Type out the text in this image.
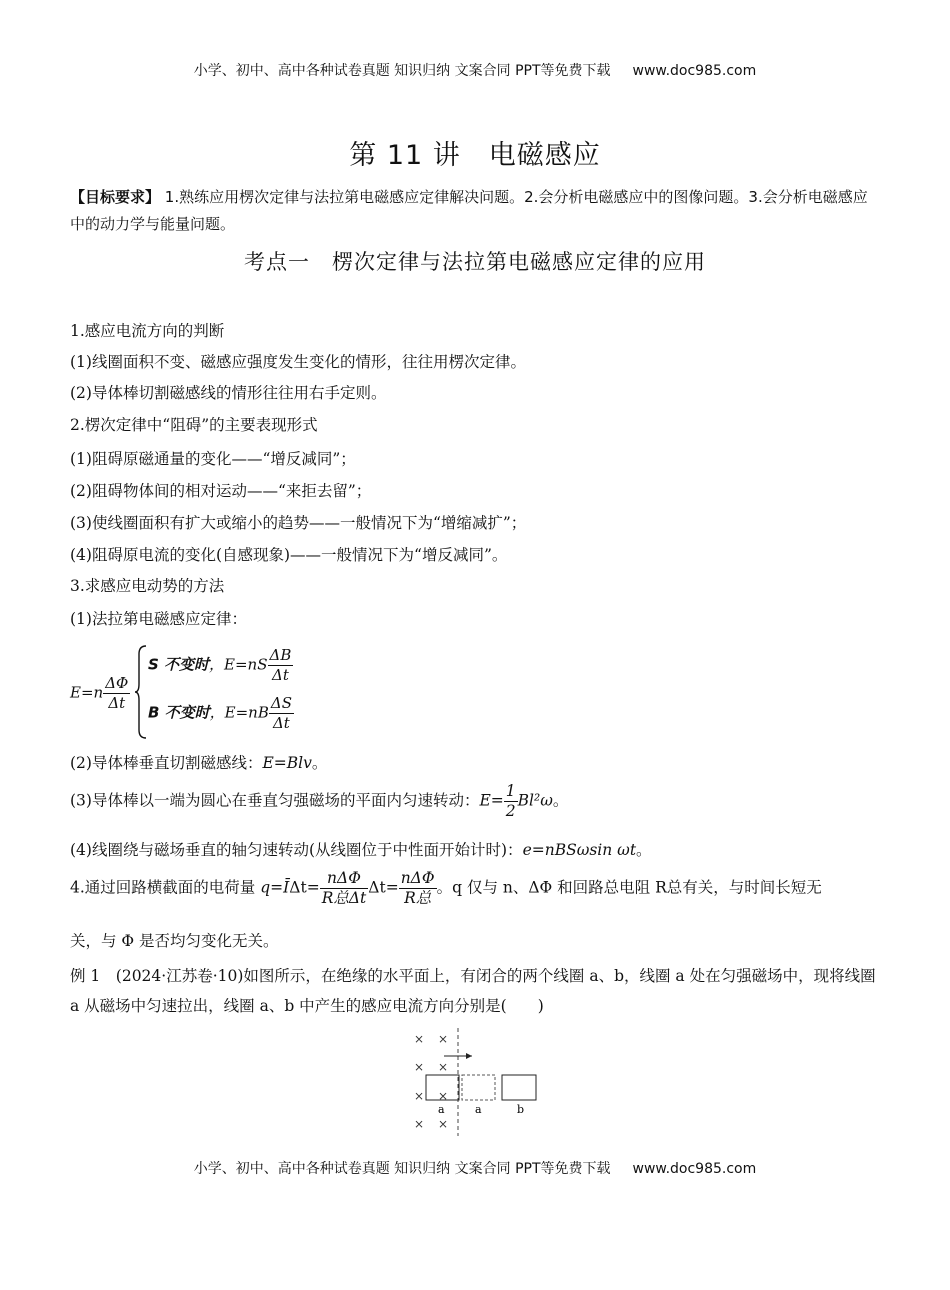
小学、初中、高中各种试卷真题 知识归纳 文案合同 PPT等免费下载 www.doc985.com
第 11 讲　电磁感应
【目标要求】 1.熟练应用楞次定律与法拉第电磁感应定律解决问题。2.会分析电磁感应中的图像问题。3.会分析电磁感应中的动力学与能量问题。
考点一　楞次定律与法拉第电磁感应定律的应用
1.感应电流方向的判断
(1)线圈面积不变、磁感应强度发生变化的情形，往往用楞次定律。
(2)导体棒切割磁感线的情形往往用右手定则。
2.楞次定律中“阻碍”的主要表现形式
(1)阻碍原磁通量的变化——“增反减同”；
(2)阻碍物体间的相对运动——“来拒去留”；
(3)使线圈面积有扩大或缩小的趋势——一般情况下为“增缩减扩”；
(4)阻碍原电流的变化(自感现象)——一般情况下为“增反减同”。
3.求感应电动势的方法
(1)法拉第电磁感应定律：
$E=n \frac{\Delta\Phi}{\Delta t}$
S 不变时，$E=nS \frac{\Delta B}{\Delta t}$
B 不变时，$E=nB \frac{\Delta S}{\Delta t}$
(2)导体棒垂直切割磁感线：E=Blv。
(3)导体棒以一端为圆心在垂直匀强磁场的平面内匀速转动：$E= \frac{1}{2} Bl^2\omega$。
(4)线圈绕与磁场垂直的轴匀速转动(从线圈位于中性面开始计时)：e=nBSωsin ωt。
4.通过回路横截面的电荷量 q=ĪΔt= $\frac{\text{nΔΦ}}{\text{R总Δt}} \Delta t= \frac{\text{nΔΦ}}{\text{R总}}$ 。q 仅与 n、ΔΦ 和回路总电阻 R总有关，与时间长短无
关，与 Φ 是否均匀变化无关。
例 1　(2024·江苏卷·10)如图所示，在绝缘的水平面上，有闭合的两个线圈 a、b，线圈 a 处在匀强磁场中，现将线圈 a 从磁场中匀速拉出，线圈 a、b 中产生的感应电流方向分别是(　　)
× ×
× ×
× ×
× ×
a	a	b
小学、初中、高中各种试卷真题 知识归纳 文案合同 PPT等免费下载 www.doc985.com
